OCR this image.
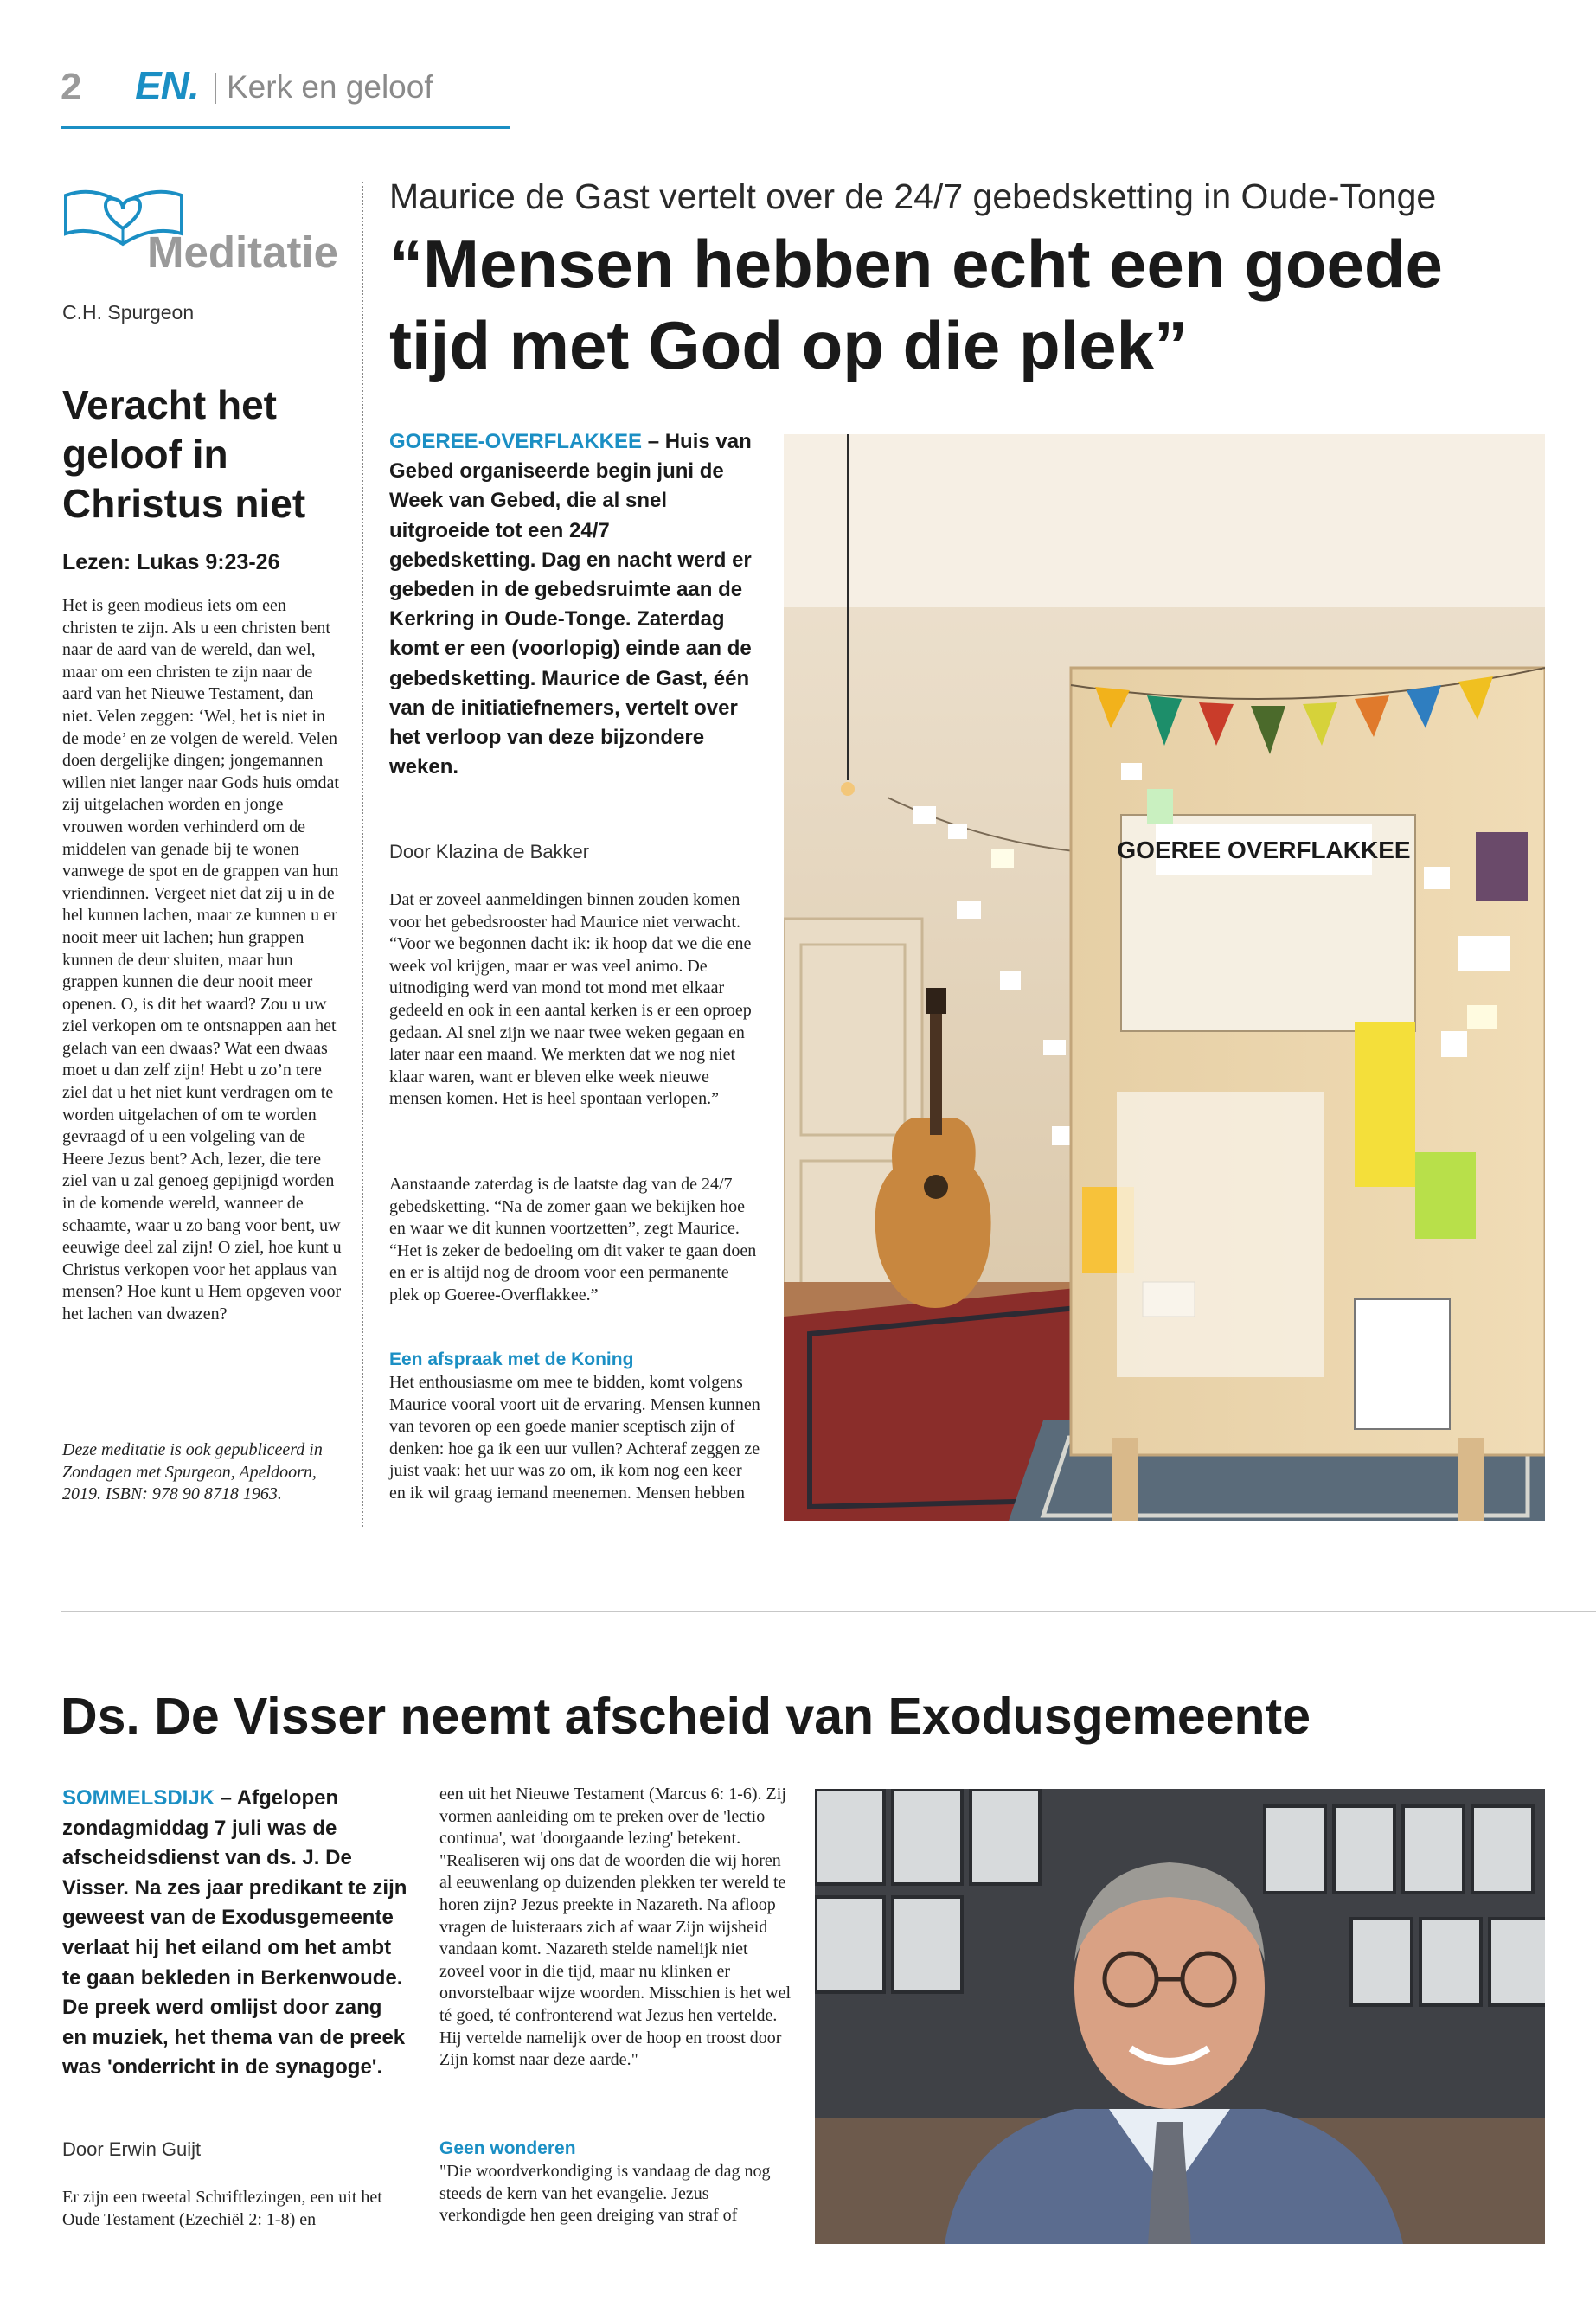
2 EN. Kerk en geloof
Meditatie
C.H. Spurgeon
Veracht het geloof in Christus niet
Lezen: Lukas 9:23-26
Het is geen modieus iets om een christen te zijn. Als u een christen bent naar de aard van de wereld, dan wel, maar om een christen te zijn naar de aard van het Nieuwe Testament, dan niet. Velen zeggen: ‘Wel, het is niet in de mode’ en ze volgen de wereld. Velen doen dergelijke dingen; jongemannen willen niet langer naar Gods huis omdat zij uitgelachen worden en jonge vrouwen worden verhinderd om de middelen van genade bij te wonen vanwege de spot en de grappen van hun vriendinnen. Vergeet niet dat zij u in de hel kunnen lachen, maar ze kunnen u er nooit meer uit lachen; hun grappen kunnen de deur sluiten, maar hun grappen kunnen die deur nooit meer openen. O, is dit het waard? Zou u uw ziel verkopen om te ontsnappen aan het gelach van een dwaas? Wat een dwaas moet u dan zelf zijn! Hebt u zo’n tere ziel dat u het niet kunt verdragen om te worden uitgelachen of om te worden gevraagd of u een volgeling van de Heere Jezus bent? Ach, lezer, die tere ziel van u zal genoeg gepijnigd worden in de komende wereld, wanneer de schaamte, waar u zo bang voor bent, uw eeuwige deel zal zijn! O ziel, hoe kunt u Christus verkopen voor het applaus van mensen? Hoe kunt u Hem opgeven voor het lachen van dwazen?
Deze meditatie is ook gepubliceerd in Zondagen met Spurgeon, Apeldoorn, 2019. ISBN: 978 90 8718 1963.
Maurice de Gast vertelt over de 24/7 gebedsketting in Oude-Tonge
“Mensen hebben echt een goede tijd met God op die plek”
GOEREE-OVERFLAKKEE – Huis van Gebed organiseerde begin juni de Week van Gebed, die al snel uitgroeide tot een 24/7 gebedsketting. Dag en nacht werd er gebeden in de gebedsruimte aan de Kerkring in Oude-Tonge. Zaterdag komt er een (voorlopig) einde aan de gebedsketting. Maurice de Gast, één van de initiatiefnemers, vertelt over het verloop van deze bijzondere weken.
Door Klazina de Bakker
Dat er zoveel aanmeldingen binnen zouden komen voor het gebedsrooster had Maurice niet verwacht. “Voor we begonnen dacht ik: ik hoop dat we die ene week vol krijgen, maar er was veel animo. De uitnodiging werd van mond tot mond met elkaar gedeeld en ook in een aantal kerken is er een oproep gedaan. Al snel zijn we naar twee weken gegaan en later naar een maand. We merkten dat we nog niet klaar waren, want er bleven elke week nieuwe mensen komen. Het is heel spontaan verlopen.”
Aanstaande zaterdag is de laatste dag van de 24/7 gebedsketting. “Na de zomer gaan we bekijken hoe en waar we dit kunnen voortzetten”, zegt Maurice. “Het is zeker de bedoeling om dit vaker te gaan doen en er is altijd nog de droom voor een permanente plek op Goeree-Overflakkee.”
Een afspraak met de Koning
Het enthousiasme om mee te bidden, komt volgens Maurice vooral voort uit de ervaring. Mensen kunnen van tevoren op een goede manier sceptisch zijn of denken: hoe ga ik een uur vullen? Achteraf zeggen ze juist vaak: het uur was zo om, ik kom nog een keer en ik wil graag iemand meenemen. Mensen hebben
GOEREE OVERFLAKKEE
Ds. De Visser neemt afscheid van Exodusgemeente
SOMMELSDIJK – Afgelopen zondagmiddag 7 juli was de afscheidsdienst van ds. J. De Visser. Na zes jaar predikant te zijn geweest van de Exodusgemeente verlaat hij het eiland om het ambt te gaan bekleden in Berkenwoude. De preek werd omlijst door zang en muziek, het thema van de preek was 'onderricht in de synagoge'.
Door Erwin Guijt
Er zijn een tweetal Schriftlezingen, een uit het Oude Testament (Ezechiël 2: 1-8) en
een uit het Nieuwe Testament (Marcus 6: 1-6). Zij vormen aanleiding om te preken over de 'lectio continua', wat 'doorgaande lezing' betekent. "Realiseren wij ons dat de woorden die wij horen al eeuwenlang op duizenden plekken ter wereld te horen zijn? Jezus preekte in Nazareth. Na afloop vragen de luisteraars zich af waar Zijn wijsheid vandaan komt. Nazareth stelde namelijk niet zoveel voor in die tijd, maar nu klinken er onvorstelbaar wijze woorden. Misschien is het wel té goed, té confronterend wat Jezus hen vertelde. Hij vertelde namelijk over de hoop en troost door Zijn komst naar deze aarde."
Geen wonderen
"Die woordverkondiging is vandaag de dag nog steeds de kern van het evangelie. Jezus verkondigde hen geen dreiging van straf of
